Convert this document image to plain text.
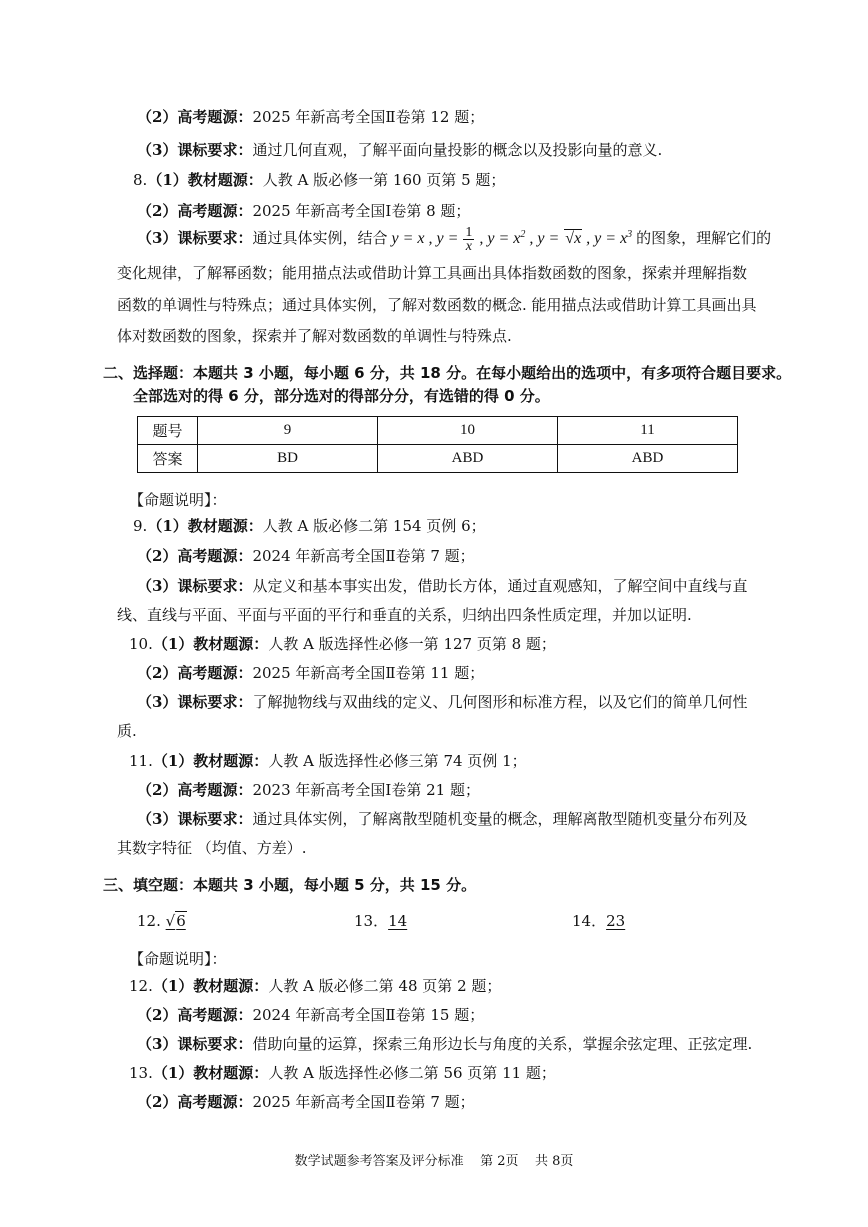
（2）高考题源：2025 年新高考全国Ⅱ卷第 12 题；
（3）课标要求：通过几何直观，了解平面向量投影的概念以及投影向量的意义.
8.（1）教材题源：人教 A 版必修一第 160 页第 5 题；
（2）高考题源：2025 年新高考全国Ⅰ卷第 8 题；
（3）课标要求：通过具体实例，结合 y = x , $y = \frac{1}{x}$ , $y = x^2$ , y = √x , $y = x^3$ 的图象，理解它们的
变化规律，了解幂函数；能用描点法或借助计算工具画出具体指数函数的图象，探索并理解指数
函数的单调性与特殊点；通过具体实例，了解对数函数的概念. 能用描点法或借助计算工具画出具
体对数函数的图象，探索并了解对数函数的单调性与特殊点.
二、选择题：本题共 3 小题，每小题 6 分，共 18 分。在每小题给出的选项中，有多项符合题目要求。
全部选对的得 6 分，部分选对的得部分分，有选错的得 0 分。
题号	9	10	11
答案	BD	ABD	ABD
【命题说明】：
9.（1）教材题源：人教 A 版必修二第 154 页例 6；
（2）高考题源：2024 年新高考全国Ⅱ卷第 7 题；
（3）课标要求：从定义和基本事实出发，借助长方体，通过直观感知，了解空间中直线与直
线、直线与平面、平面与平面的平行和垂直的关系，归纳出四条性质定理，并加以证明.
10.（1）教材题源：人教 A 版选择性必修一第 127 页第 8 题；
（2）高考题源：2025 年新高考全国Ⅱ卷第 11 题；
（3）课标要求：了解抛物线与双曲线的定义、几何图形和标准方程，以及它们的简单几何性
质.
11.（1）教材题源：人教 A 版选择性必修三第 74 页例 1；
（2）高考题源：2023 年新高考全国Ⅰ卷第 21 题；
（3）课标要求：通过具体实例，了解离散型随机变量的概念，理解离散型随机变量分布列及
其数字特征 （均值、方差）.
三、填空题：本题共 3 小题，每小题 5 分，共 15 分。
12. √6	13．14	14．23
【命题说明】：
12.（1）教材题源：人教 A 版必修二第 48 页第 2 题；
（2）高考题源：2024 年新高考全国Ⅱ卷第 15 题；
（3）课标要求：借助向量的运算，探索三角形边长与角度的关系，掌握余弦定理、正弦定理.
13.（1）教材题源：人教 A 版选择性必修二第 56 页第 11 题；
（2）高考题源：2025 年新高考全国Ⅱ卷第 7 题；
数学试题参考答案及评分标准    第 2页    共 8页
